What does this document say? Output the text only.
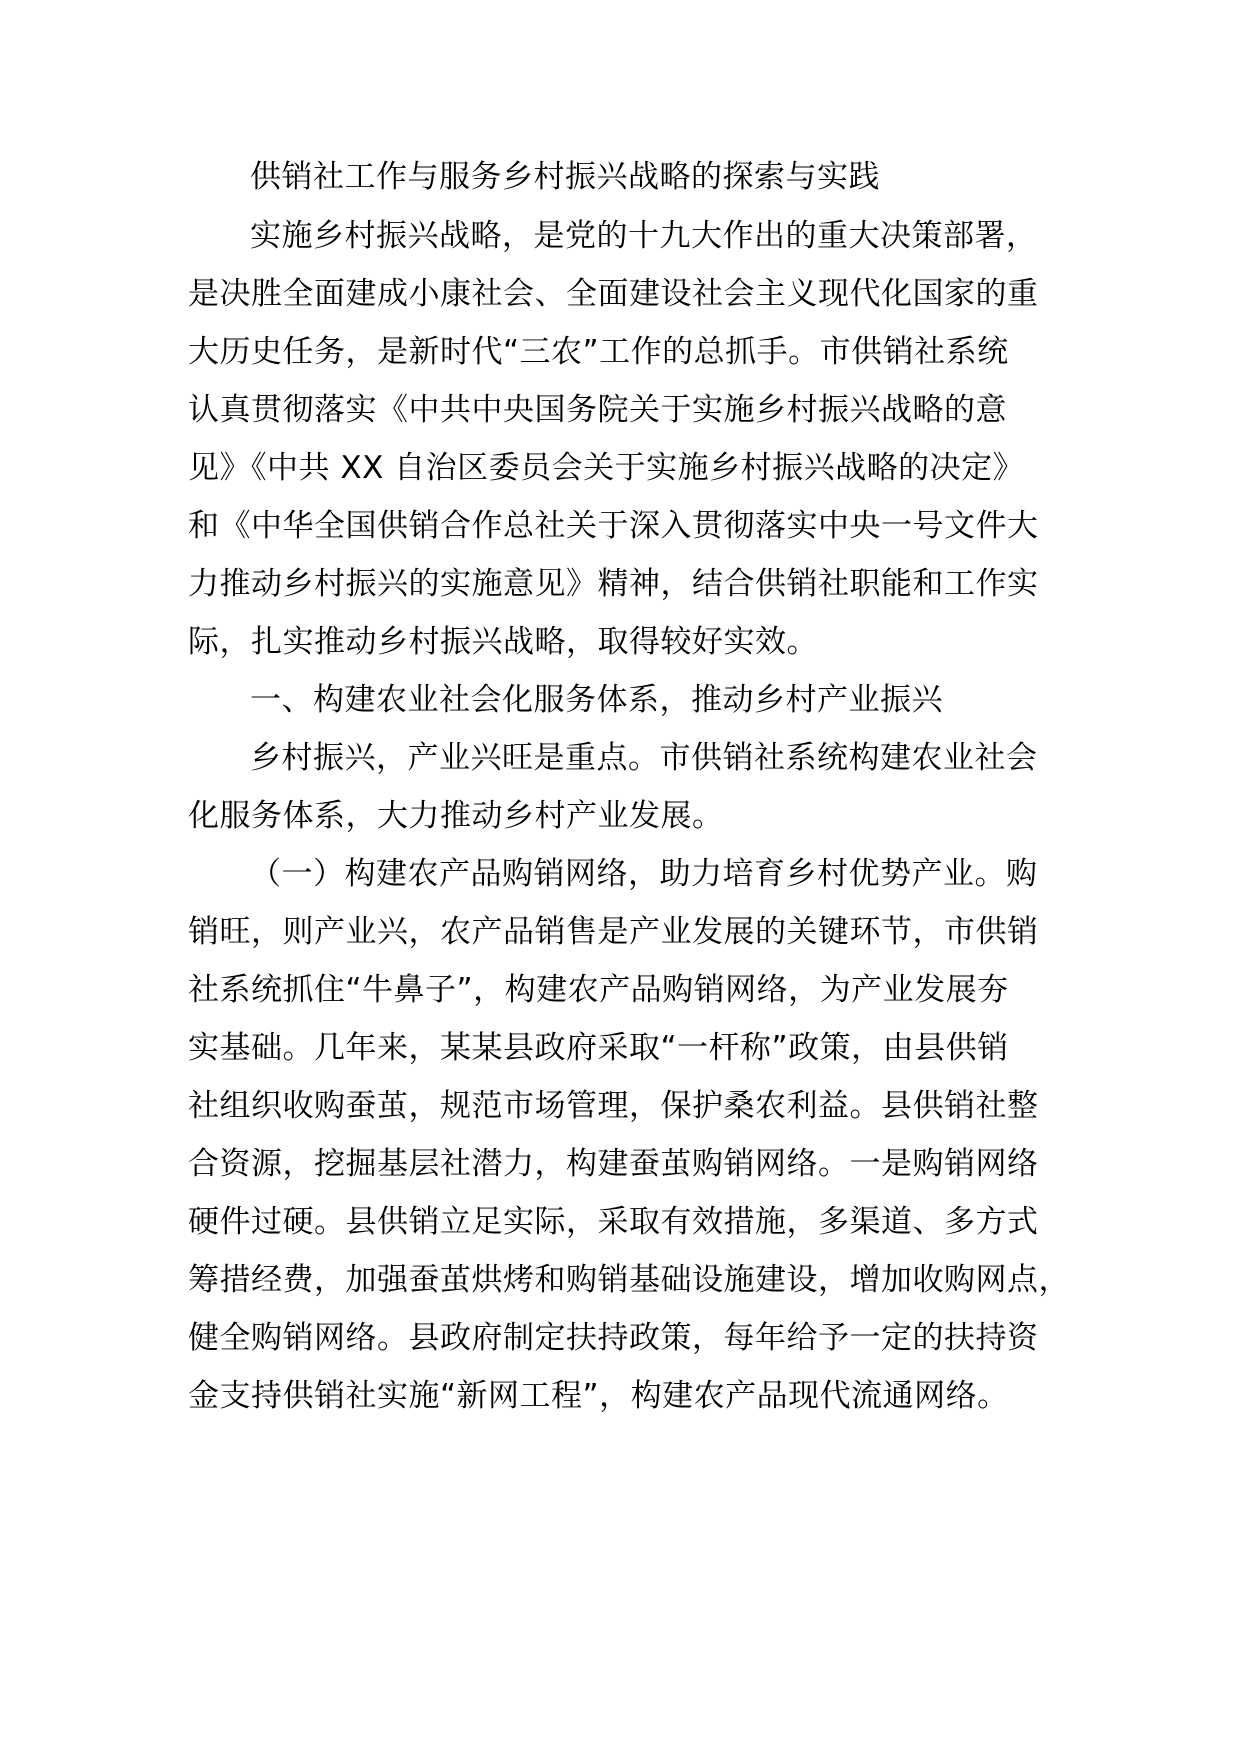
供销社工作与服务乡村振兴战略的探索与实践
实施乡村振兴战略，是党的十九大作出的重大决策部署，
是决胜全面建成小康社会、全面建设社会主义现代化国家的重
大历史任务，是新时代“三农”工作的总抓手。市供销社系统
认真贯彻落实《中共中央国务院关于实施乡村振兴战略的意
见》《中共 XX 自治区委员会关于实施乡村振兴战略的决定》
和《中华全国供销合作总社关于深入贯彻落实中央一号文件大
力推动乡村振兴的实施意见》精神，结合供销社职能和工作实
际，扎实推动乡村振兴战略，取得较好实效。
一、构建农业社会化服务体系，推动乡村产业振兴
乡村振兴，产业兴旺是重点。市供销社系统构建农业社会
化服务体系，大力推动乡村产业发展。
（一）构建农产品购销网络，助力培育乡村优势产业。购
销旺，则产业兴，农产品销售是产业发展的关键环节，市供销
社系统抓住“牛鼻子”，构建农产品购销网络，为产业发展夯
实基础。几年来，某某县政府采取“一杆称”政策，由县供销
社组织收购蚕茧，规范市场管理，保护桑农利益。县供销社整
合资源，挖掘基层社潜力，构建蚕茧购销网络。一是购销网络
硬件过硬。县供销立足实际，采取有效措施，多渠道、多方式
筹措经费，加强蚕茧烘烤和购销基础设施建设，增加收购网点，
健全购销网络。县政府制定扶持政策，每年给予一定的扶持资
金支持供销社实施“新网工程”，构建农产品现代流通网络。
